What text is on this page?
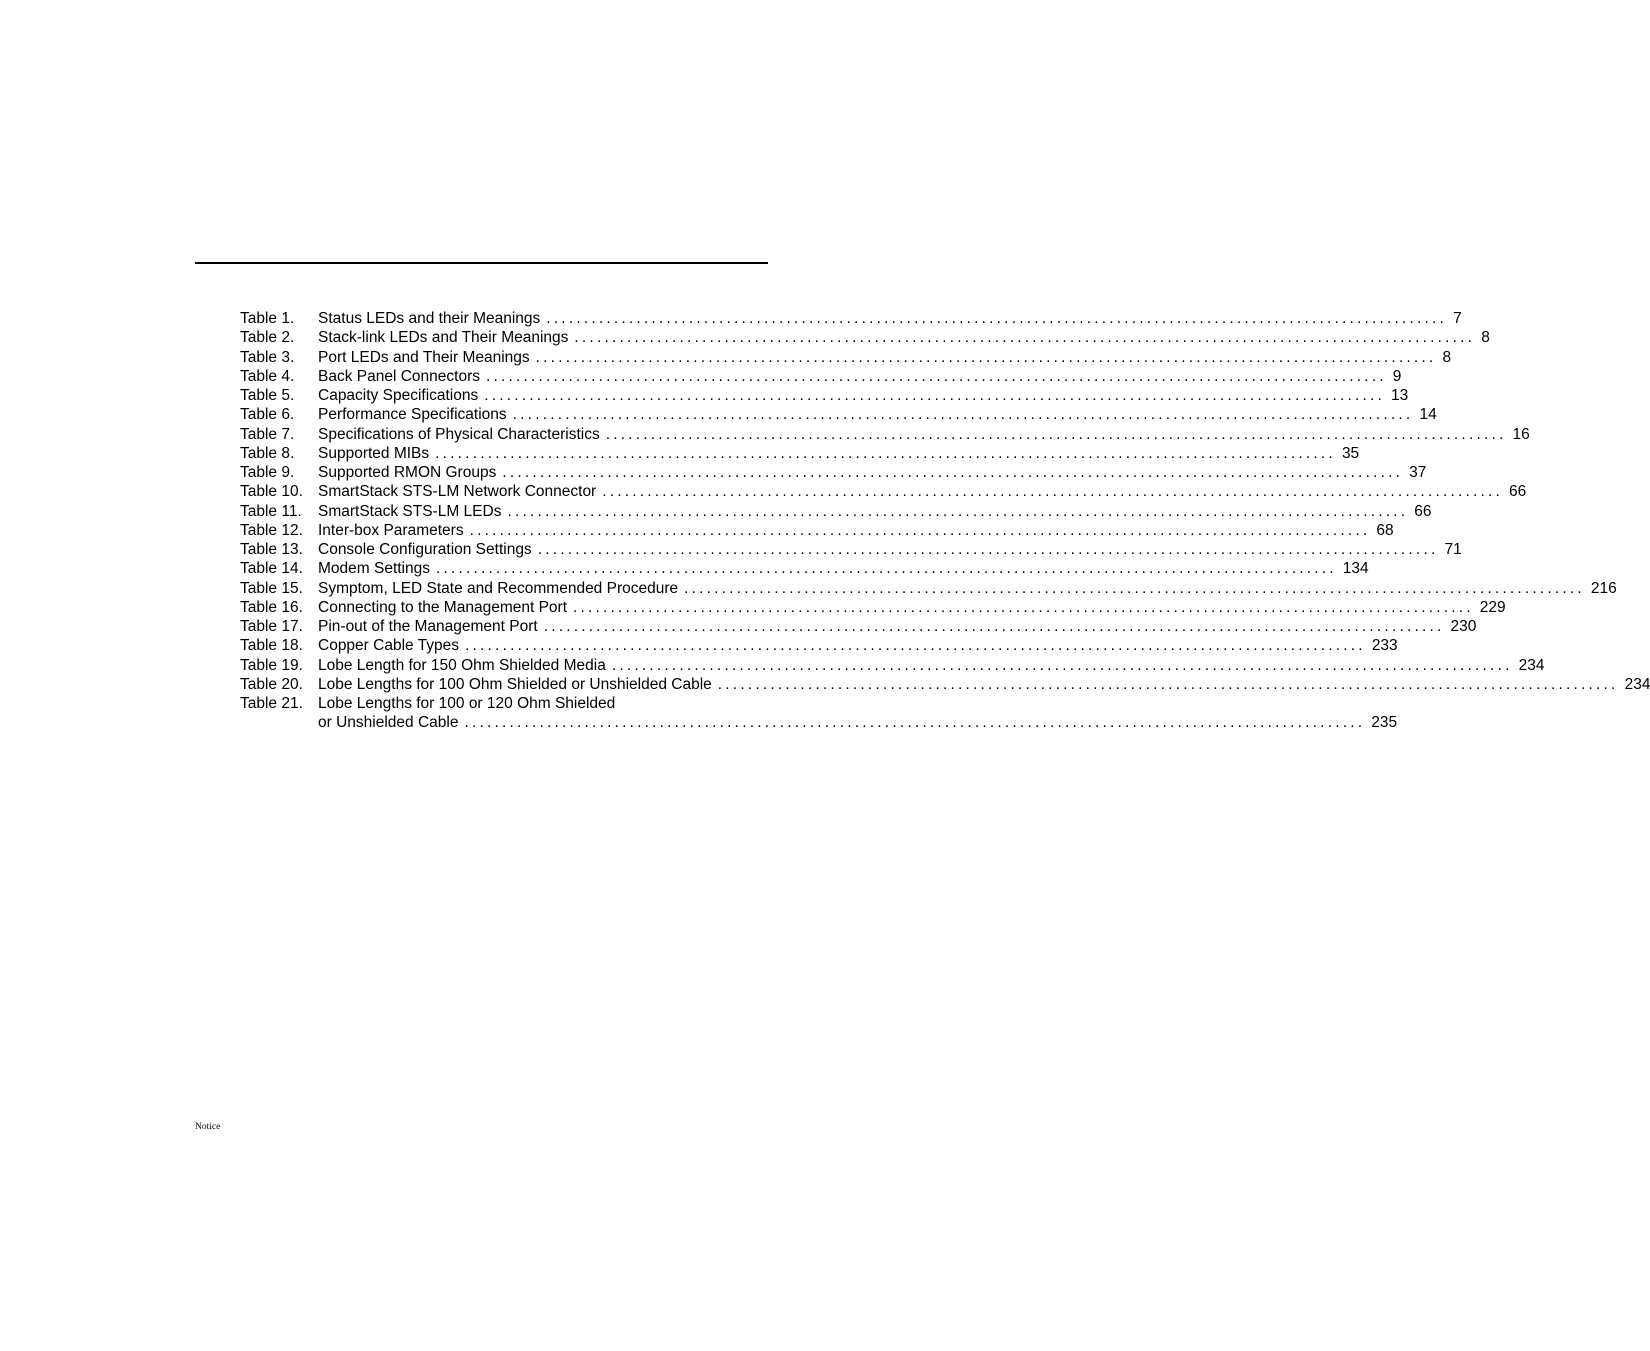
Table 1. Status LEDs and their Meanings ........................................................................................................................ 7
Table 2. Stack-link LEDs and Their Meanings ........................................................................................................................ 8
Table 3. Port LEDs and Their Meanings ........................................................................................................................ 8
Table 4. Back Panel Connectors ........................................................................................................................ 9
Table 5. Capacity Specifications ........................................................................................................................ 13
Table 6. Performance Specifications ........................................................................................................................ 14
Table 7. Specifications of Physical Characteristics ........................................................................................................................ 16
Table 8. Supported MIBs ........................................................................................................................ 35
Table 9. Supported RMON Groups ........................................................................................................................ 37
Table 10. SmartStack STS-LM Network Connector ........................................................................................................................ 66
Table 11. SmartStack STS-LM LEDs ........................................................................................................................ 66
Table 12. Inter-box Parameters ........................................................................................................................ 68
Table 13. Console Configuration Settings ........................................................................................................................ 71
Table 14. Modem Settings ........................................................................................................................ 134
Table 15. Symptom, LED State and Recommended Procedure ........................................................................................................................ 216
Table 16. Connecting to the Management Port ........................................................................................................................ 229
Table 17. Pin-out of the Management Port ........................................................................................................................ 230
Table 18. Copper Cable Types ........................................................................................................................ 233
Table 19. Lobe Length for 150 Ohm Shielded Media ........................................................................................................................ 234
Table 20. Lobe Lengths for 100 Ohm Shielded or Unshielded Cable ........................................................................................................................ 234
Table 21. Lobe Lengths for 100 or 120 Ohm Shielded
or Unshielded Cable ........................................................................................................................ 235
Notice
